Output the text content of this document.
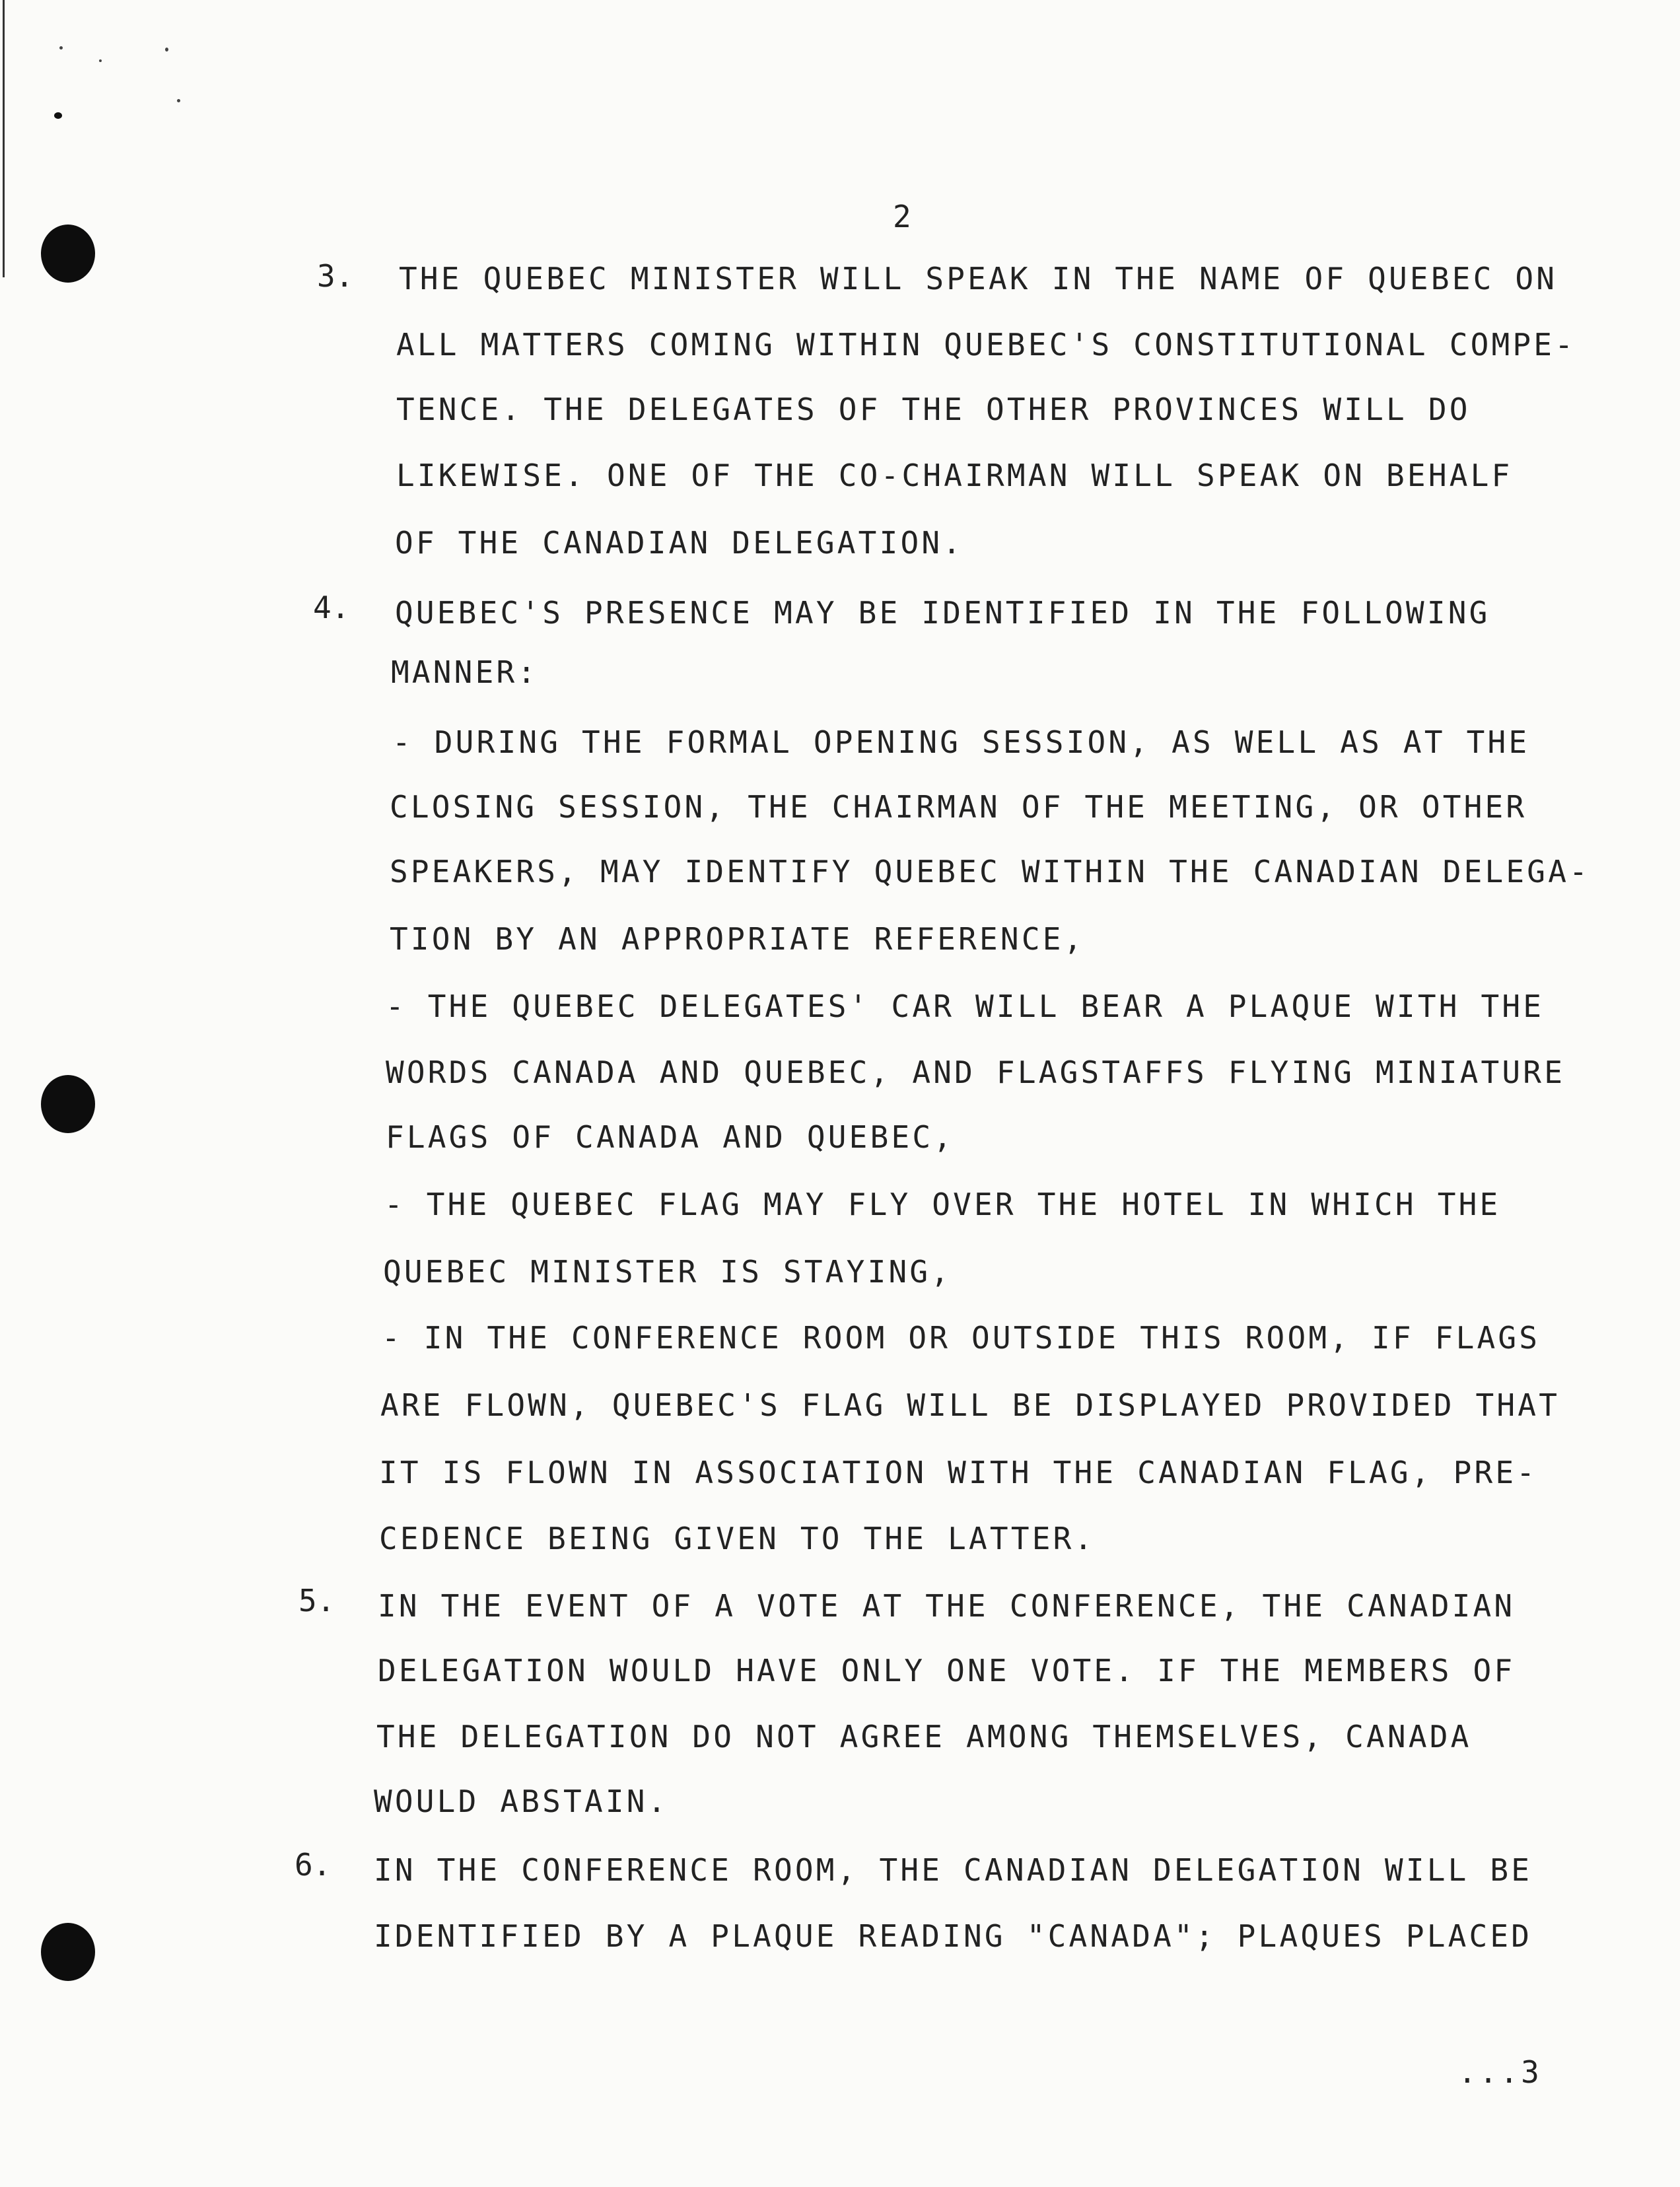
2
3. THE QUEBEC MINISTER WILL SPEAK IN THE NAME OF QUEBEC ON
ALL MATTERS COMING WITHIN QUEBEC'S CONSTITUTIONAL COMPE-
TENCE. THE DELEGATES OF THE OTHER PROVINCES WILL DO
LIKEWISE. ONE OF THE CO-CHAIRMAN WILL SPEAK ON BEHALF
OF THE CANADIAN DELEGATION.
4. QUEBEC'S PRESENCE MAY BE IDENTIFIED IN THE FOLLOWING
MANNER:
- DURING THE FORMAL OPENING SESSION, AS WELL AS AT THE
CLOSING SESSION, THE CHAIRMAN OF THE MEETING, OR OTHER
SPEAKERS, MAY IDENTIFY QUEBEC WITHIN THE CANADIAN DELEGA-
TION BY AN APPROPRIATE REFERENCE,
- THE QUEBEC DELEGATES' CAR WILL BEAR A PLAQUE WITH THE
WORDS CANADA AND QUEBEC, AND FLAGSTAFFS FLYING MINIATURE
FLAGS OF CANADA AND QUEBEC,
- THE QUEBEC FLAG MAY FLY OVER THE HOTEL IN WHICH THE
QUEBEC MINISTER IS STAYING,
- IN THE CONFERENCE ROOM OR OUTSIDE THIS ROOM, IF FLAGS
ARE FLOWN, QUEBEC'S FLAG WILL BE DISPLAYED PROVIDED THAT
IT IS FLOWN IN ASSOCIATION WITH THE CANADIAN FLAG, PRE-
CEDENCE BEING GIVEN TO THE LATTER.
5. IN THE EVENT OF A VOTE AT THE CONFERENCE, THE CANADIAN
DELEGATION WOULD HAVE ONLY ONE VOTE. IF THE MEMBERS OF
THE DELEGATION DO NOT AGREE AMONG THEMSELVES, CANADA
WOULD ABSTAIN.
6. IN THE CONFERENCE ROOM, THE CANADIAN DELEGATION WILL BE
IDENTIFIED BY A PLAQUE READING "CANADA"; PLAQUES PLACED
...3
